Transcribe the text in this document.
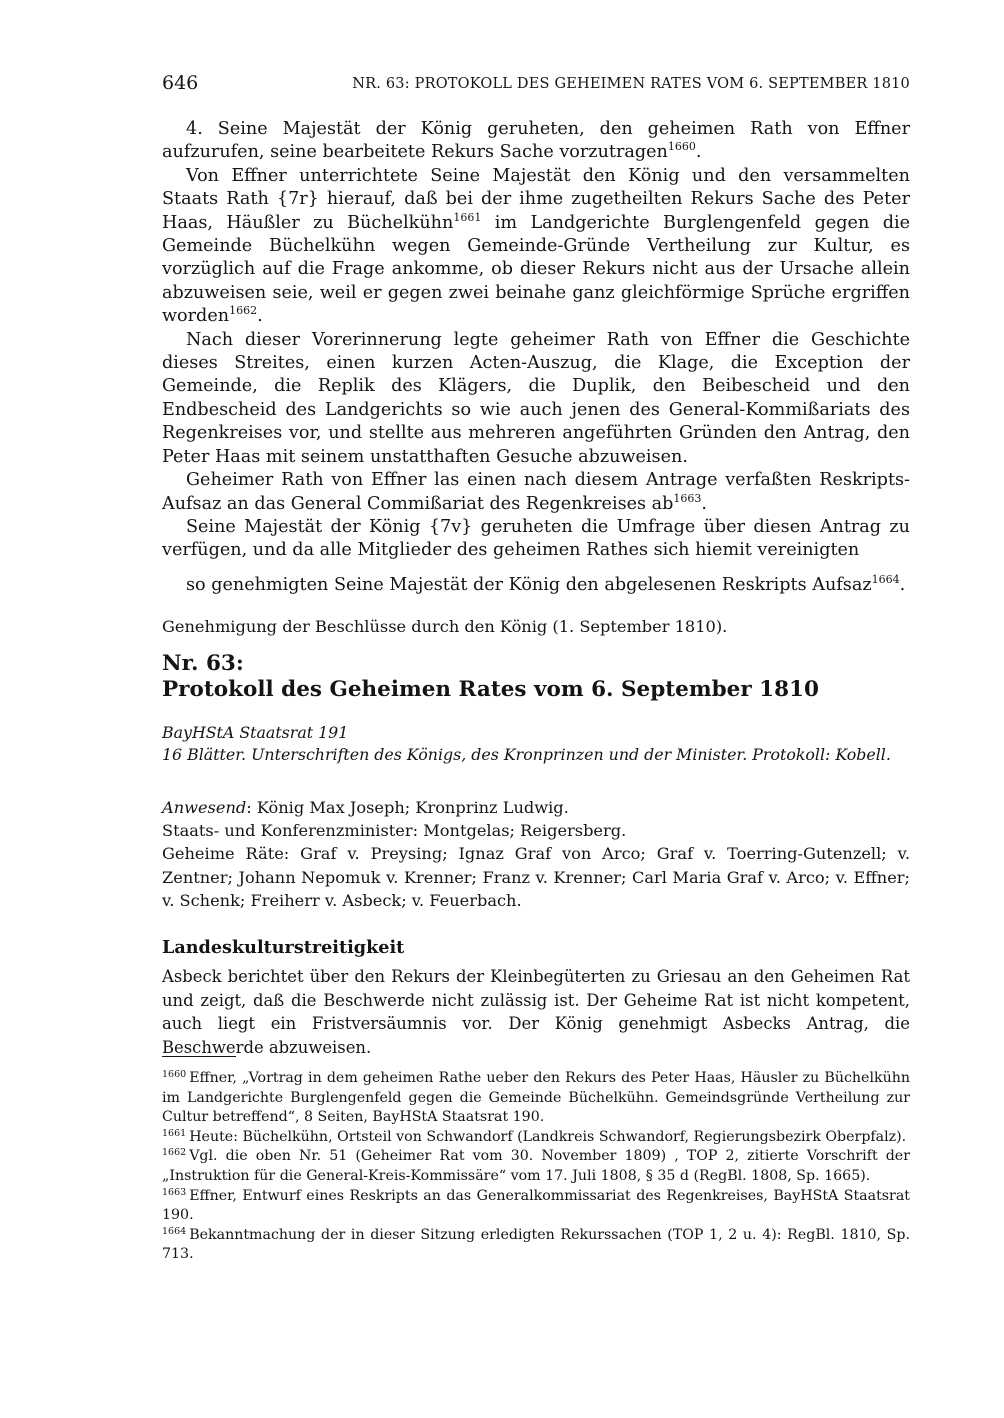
646	NR. 63: PROTOKOLL DES GEHEIMEN RATES VOM 6. SEPTEMBER 1810

4. Seine Majestät der König geruheten, den geheimen Rath von Effner aufzurufen, seine bearbeitete Rekurs Sache vorzutragen$^{1660}$.

Von Effner unterrichtete Seine Majestät den König und den versammelten Staats Rath {7r} hierauf, daß bei der ihme zugetheilten Rekurs Sache des Peter Haas, Häußler zu Büchelkühn$^{1661}$ im Landgerichte Burglengenfeld gegen die Gemeinde Büchelkühn wegen Gemeinde-Gründe Vertheilung zur Kultur, es vorzüglich auf die Frage ankomme, ob dieser Rekurs nicht aus der Ursache allein abzuweisen seie, weil er gegen zwei beinahe ganz gleichförmige Sprüche ergriffen worden$^{1662}$.

Nach dieser Vorerinnerung legte geheimer Rath von Effner die Geschichte dieses Streites, einen kurzen Acten-Auszug, die Klage, die Exception der Gemeinde, die Replik des Klägers, die Duplik, den Beibescheid und den Endbescheid des Landgerichts so wie auch jenen des General-Kommißariats des Regenkreises vor, und stellte aus mehreren angeführten Gründen den Antrag, den Peter Haas mit seinem unstatthaften Gesuche abzuweisen.

Geheimer Rath von Effner las einen nach diesem Antrage verfaßten Reskripts-Aufsaz an das General Commißariat des Regenkreises $ab^{1663}$.

Seine Majestät der König {7v} geruheten die Umfrage über diesen Antrag zu verfügen, und da alle Mitglieder des geheimen Rathes sich hiemit vereinigten

so genehmigten Seine Majestät der König den abgelesenen Reskripts Aufsaz$^{1664}$.

Genehmigung der Beschlüsse durch den König (1. September 1810).

Nr. 63:
Protokoll des Geheimen Rates vom 6. September 1810
BayHStA Staatsrat 191
16 Blätter. Unterschriften des Königs, des Kronprinzen und der Minister. Protokoll: Kobell.

Anwesend: König Max Joseph; Kronprinz Ludwig.

Staats- und Konferenzminister: Montgelas; Reigersberg.

Geheime Räte: Graf v. Preysing; Ignaz Graf von Arco; Graf v. Toerring-Gutenzell; v. Zentner; Johann Nepomuk v. Krenner; Franz v. Krenner; Carl Maria Graf v. Arco; v. Effner; v. Schenk; Freiherr v. Asbeck; v. Feuerbach.

Landeskulturstreitigkeit

Asbeck berichtet über den Rekurs der Kleinbegüterten zu Griesau an den Geheimen Rat und zeigt, daß die Beschwerde nicht zulässig ist. Der Geheime Rat ist nicht kompetent, auch liegt ein Fristversäumnis vor. Der König genehmigt Asbecks Antrag, die Beschwerde abzuweisen.

$^{1660}$ Effner, „Vortrag in dem geheimen Rathe ueber den Rekurs des Peter Haas, Häusler zu Büchelkühn im Landgerichte Burglengenfeld gegen die Gemeinde Büchelkühn. Gemeindsgründe Vertheilung zur Cultur betreffend“, 8 Seiten, BayHStA Staatsrat 190.

$^{1661}$ Heute: Büchelkühn, Ortsteil von Schwandorf (Landkreis Schwandorf, Regierungsbezirk Oberpfalz).

$^{1662}$ Vgl. die oben Nr. 51 (Geheimer Rat vom 30. November 1809) , TOP 2, zitierte Vorschrift der „Instruktion für die General-Kreis-Kommissäre“ vom 17. Juli 1808, § 35 d (RegBl. 1808, Sp. 1665).

$^{1663}$ Effner, Entwurf eines Reskripts an das Generalkommissariat des Regenkreises, BayHStA Staatsrat 190.

$^{1664}$ Bekanntmachung der in dieser Sitzung erledigten Rekurssachen (TOP 1, 2 u. 4): RegBl. 1810, Sp. 713.
